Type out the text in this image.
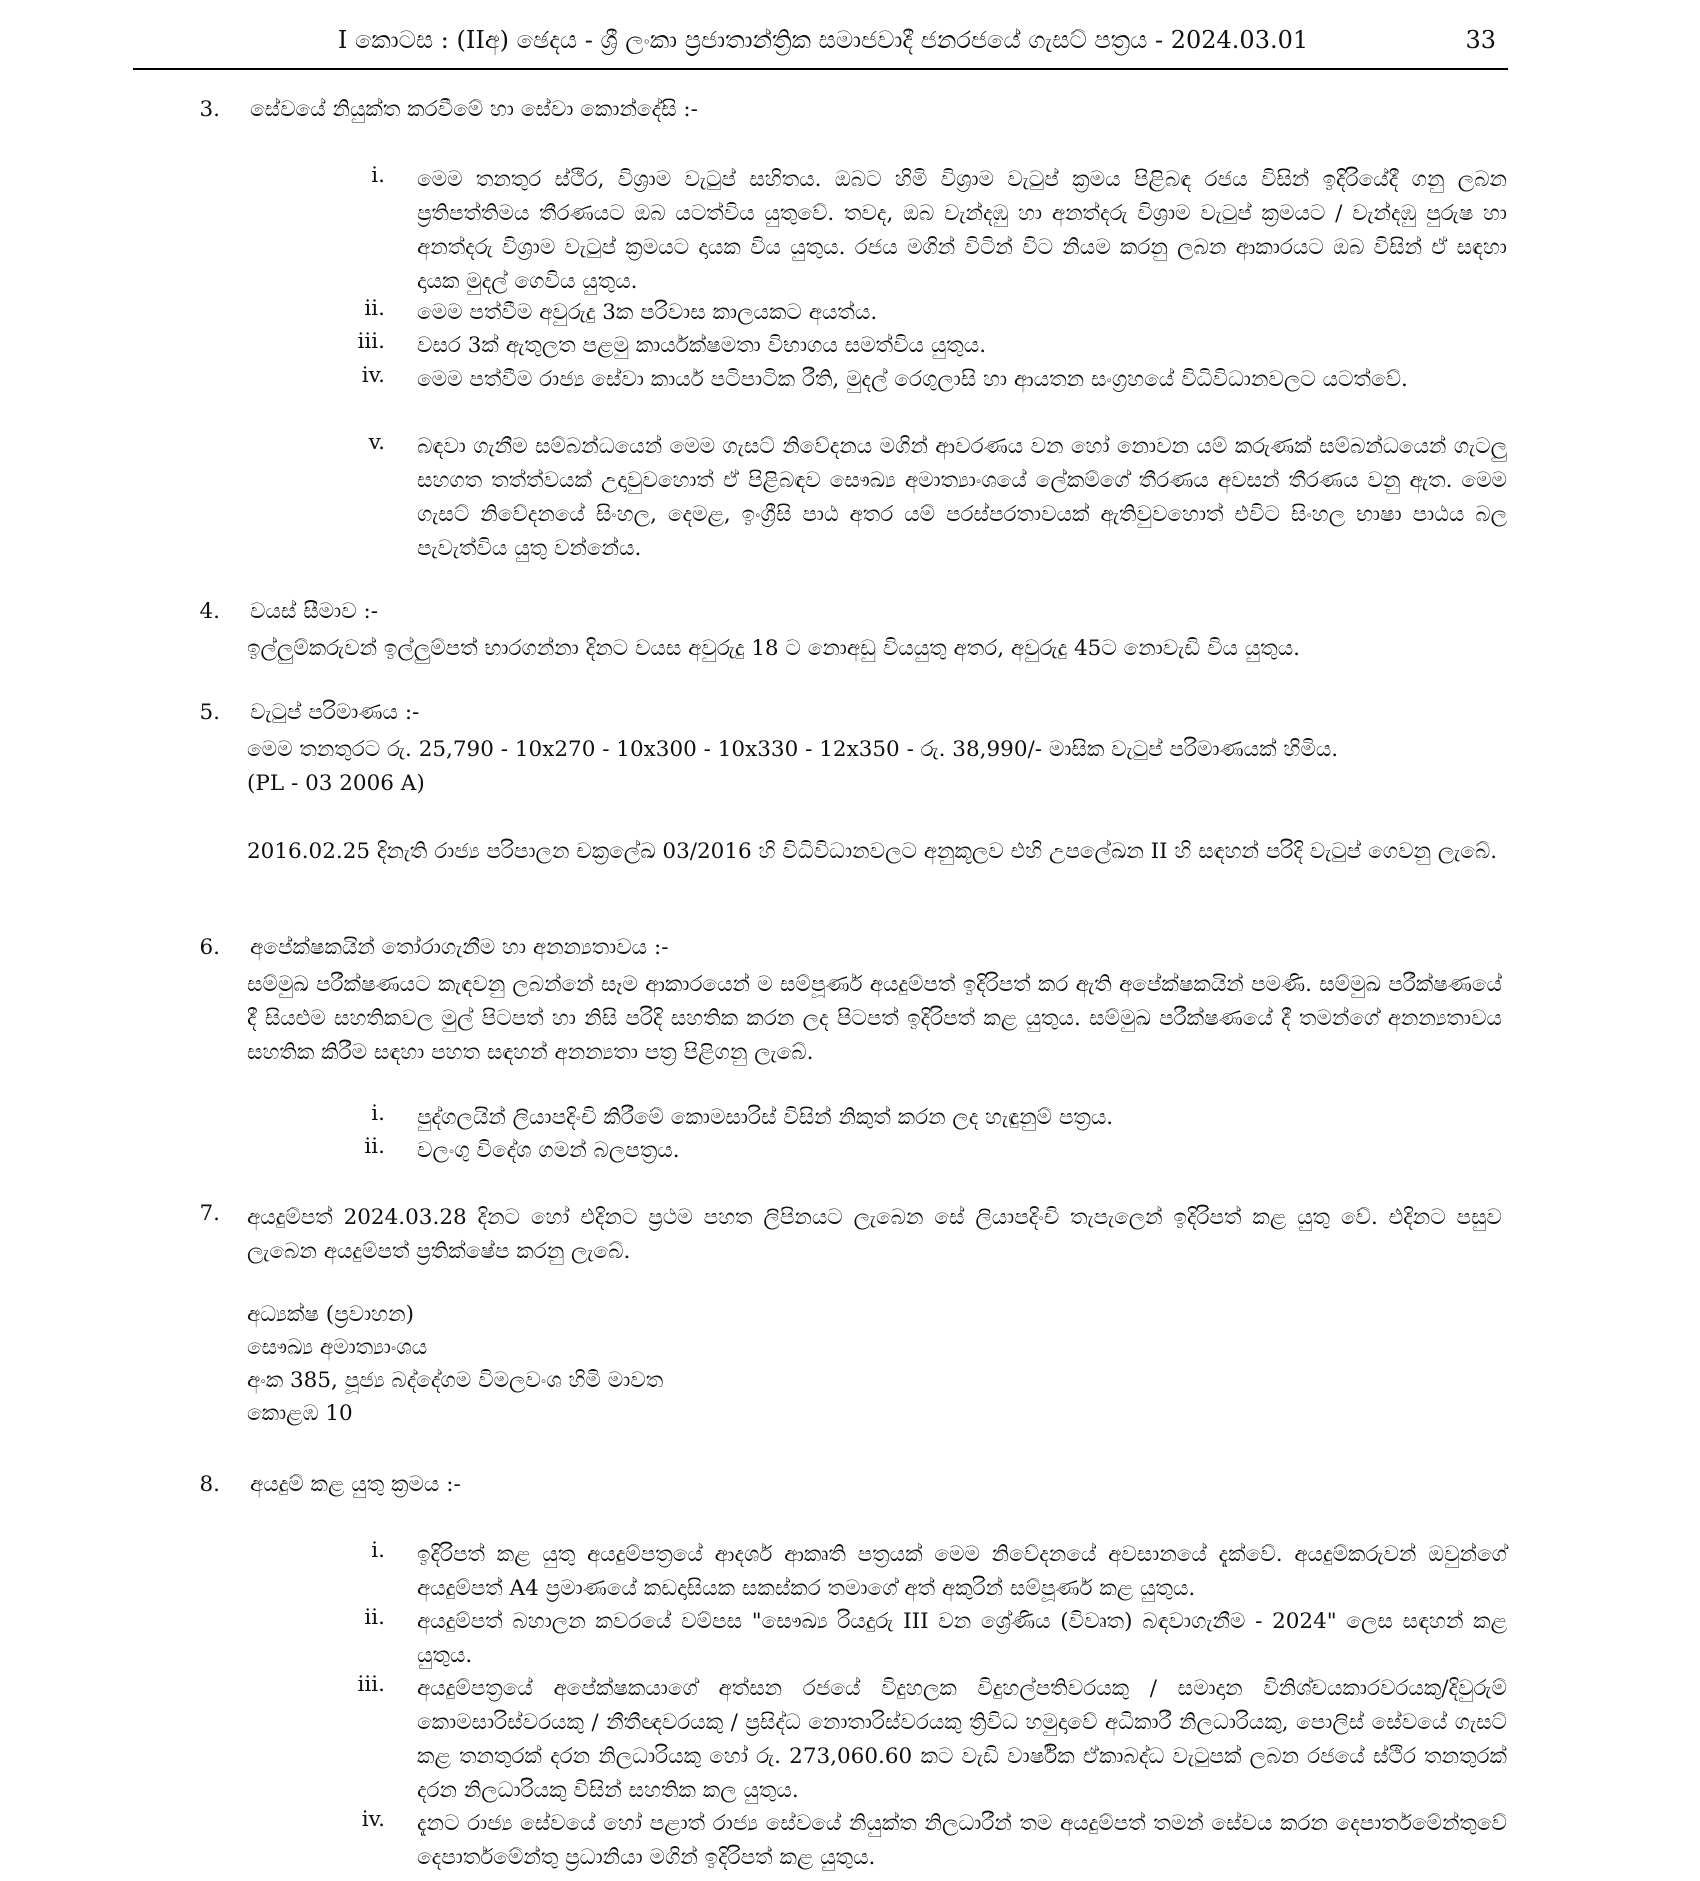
I කොටස : (IIඅ) ඡෙදය - ශ්‍රී ලංකා ප්‍රජාතාන්ත්‍රික සමාජවාදී ජනරජයේ ගැසට් පත්‍රය - 2024.03.01	33
3. සේවයේ නියුක්ත කරවීමේ හා සේවා කොන්දේසි :-
i. මෙම තනතුර ස්ථිර, විශ්‍රාම වැටුප් සහිතය. ඔබට හිමි විශ්‍රාම වැටුප් ක්‍රමය පිළිබඳ රජය විසින් ඉදිරියේදී ගනු ලබන ප්‍රතිපත්තිමය තීරණයට ඔබ යටත්විය යුතුවේ. තවද, ඔබ වැන්දඹු හා අනත්දරු විශ්‍රාම වැටුප් ක්‍රමයට / වැන්දඹු පුරුෂ හා අනත්දරු විශ්‍රාම වැටුප් ක්‍රමයට දායක විය යුතුය. රජය මගින් විටින් විට නියම කරනු ලබන ආකාරයට ඔබ විසින් ඒ සඳහා දායක මුදල් ගෙවිය යුතුය.
ii. මෙම පත්වීම අවුරුදු 3ක පරිවාස කාලයකට අයත්ය.
iii. වසර 3ක් ඇතුලත පළමු කාර්යක්ෂමතා විභාගය සමත්විය යුතුය.
iv. මෙම පත්වීම රාජ්‍ය සේවා කාර්ය පටිපාටික රීති, මුදල් රෙගුලාසි හා ආයතන සංග්‍රහයේ විධිවිධානවලට යටත්වේ.
v. බඳවා ගැනීම සම්බන්ධයෙන් මෙම ගැසට් නිවේදනය මගින් ආවරණය වන හෝ නොවන යම් කරුණක් සම්බන්ධයෙන් ගැටලු සහගත තත්ත්වයක් උදාවුවහොත් ඒ පිළිබඳව සෞඛ්‍ය අමාත්‍යාංශයේ ලේකම්ගේ තීරණය අවසන් තීරණය වනු ඇත. මෙම ගැසට් නිවේදනයේ සිංහල, දෙමළ, ඉංග්‍රීසි පාඨ අතර යම් පරස්පරතාවයක් ඇතිවුවහොත් එවිට සිංහල භාෂා පාඨය බල පැවැත්විය යුතු වන්නේය.
4. වයස් සීමාව :-

ඉල්ලුම්කරුවන් ඉල්ලුම්පත් භාරගන්නා දිනට වයස අවුරුදු 18 ට නොඅඩු වියයුතු අතර, අවුරුදු 45ට නොවැඩි විය යුතුය.

5. වැටුප් පරිමාණය :-

මෙම තනතුරට රු. 25,790 - 10x270 - 10x300 - 10x330 - 12x350 - රු. 38,990/- මාසික වැටුප් පරිමාණයක් හිමිය.

(PL - 03 2006 A)

2016.02.25 දිනැති රාජ්‍ය පරිපාලන චක්‍රලේඛ 03/2016 හි විධිවිධානවලට අනුකූලව එහි උපලේඛන II හි සඳහන් පරිදි වැටුප් ගෙවනු ලැබේ.

6. අපේක්ෂකයින් තෝරාගැනීම හා අනන්‍යතාවය :-

සම්මුඛ පරීක්ෂණයට කැඳවනු ලබන්නේ සෑම ආකාරයෙන් ම සම්පූර්ණ අයදුම්පත් ඉදිරිපත් කර ඇති අපේක්ෂකයින් පමණි. සම්මුඛ පරීක්ෂණයේ දී සියළුම සහතිකවල මුල් පිටපත් හා නිසි පරිදි සහතික කරන ලද පිටපත් ඉදිරිපත් කළ යුතුය. සම්මුඛ පරීක්ෂණයේ දී තමන්ගේ අනන්‍යතාවය සහතික කිරීම සඳහා පහත සඳහන් අනන්‍යතා පත්‍ර පිළිගනු ලැබේ.

i. පුද්ගලයින් ලියාපදිංචි කිරීමේ කොමසාරිස් විසින් නිකුත් කරන ලද හැඳුනුම් පත්‍රය.
ii. වලංගු විදේශ ගමන් බලපත්‍රය.
7. අයදුම්පත් 2024.03.28 දිනට හෝ එදිනට ප්‍රථම පහත ලිපිනයට ලැබෙන සේ ලියාපදිංචි තැපැලෙන් ඉදිරිපත් කළ යුතු වේ. එදිනට පසුව ලැබෙන අයදුම්පත් ප්‍රතික්ෂේප කරනු ලැබේ.

අධ්‍යක්ෂ (ප්‍රවාහන)
සෞඛ්‍ය අමාත්‍යාංශය
අංක 385, පූජ්‍ය බද්දේගම විමලවංශ හිමි මාවත
කොළඹ 10
8. අයදුම් කළ යුතු ක්‍රමය :-
i. ඉදිරිපත් කළ යුතු අයදුම්පත්‍රයේ ආදර්ශ ආකෘති පත්‍රයක් මෙම නිවේදනයේ අවසානයේ දැක්වේ. අයදුම්කරුවන් ඔවුන්ගේ අයදුම්පත් A4 ප්‍රමාණයේ කඩදාසියක සකස්කර තමාගේ අත් අකුරින් සම්පූර්ණ කළ යුතුය.
ii. අයදුම්පත් බහාලන කවරයේ වම්පස "සෞඛ්‍ය රියදුරු III වන ශ්‍රේණිය (විවෘත) බඳවාගැනීම - 2024" ලෙස සඳහන් කළ යුතුය.
iii. අයදුම්පත්‍රයේ අපේක්ෂකයාගේ අත්සන රජයේ විදුහලක විදුහල්පතිවරයකු / සමාදාන විනිශ්චයකාරවරයකු/දිවුරුම් කොමසාරිස්වරයකු / නීතීඥවරයකු / ප්‍රසිද්ධ නොතාරිස්වරයකු ත්‍රිවිධ හමුදාවේ අධිකාරී නිලධාරියකු, පොලිස් සේවයේ ගැසට් කළ තනතුරක් දරන නිලධාරියකු හෝ රු. 273,060.60 කට වැඩි වාර්ෂික ඒකාබද්ධ වැටුපක් ලබන රජයේ ස්ථිර තනතුරක් දරන නිලධාරියකු විසින් සහතික කල යුතුය.
iv. දැනට රාජ්‍ය සේවයේ හෝ පළාත් රාජ්‍ය සේවයේ නියුක්ත නිලධාරීන් තම අයදුම්පත් තමන් සේවය කරන දෙපාර්තමේන්තුවේ දෙපාර්තමේන්තු ප්‍රධානියා මගින් ඉදිරිපත් කළ යුතුය.
